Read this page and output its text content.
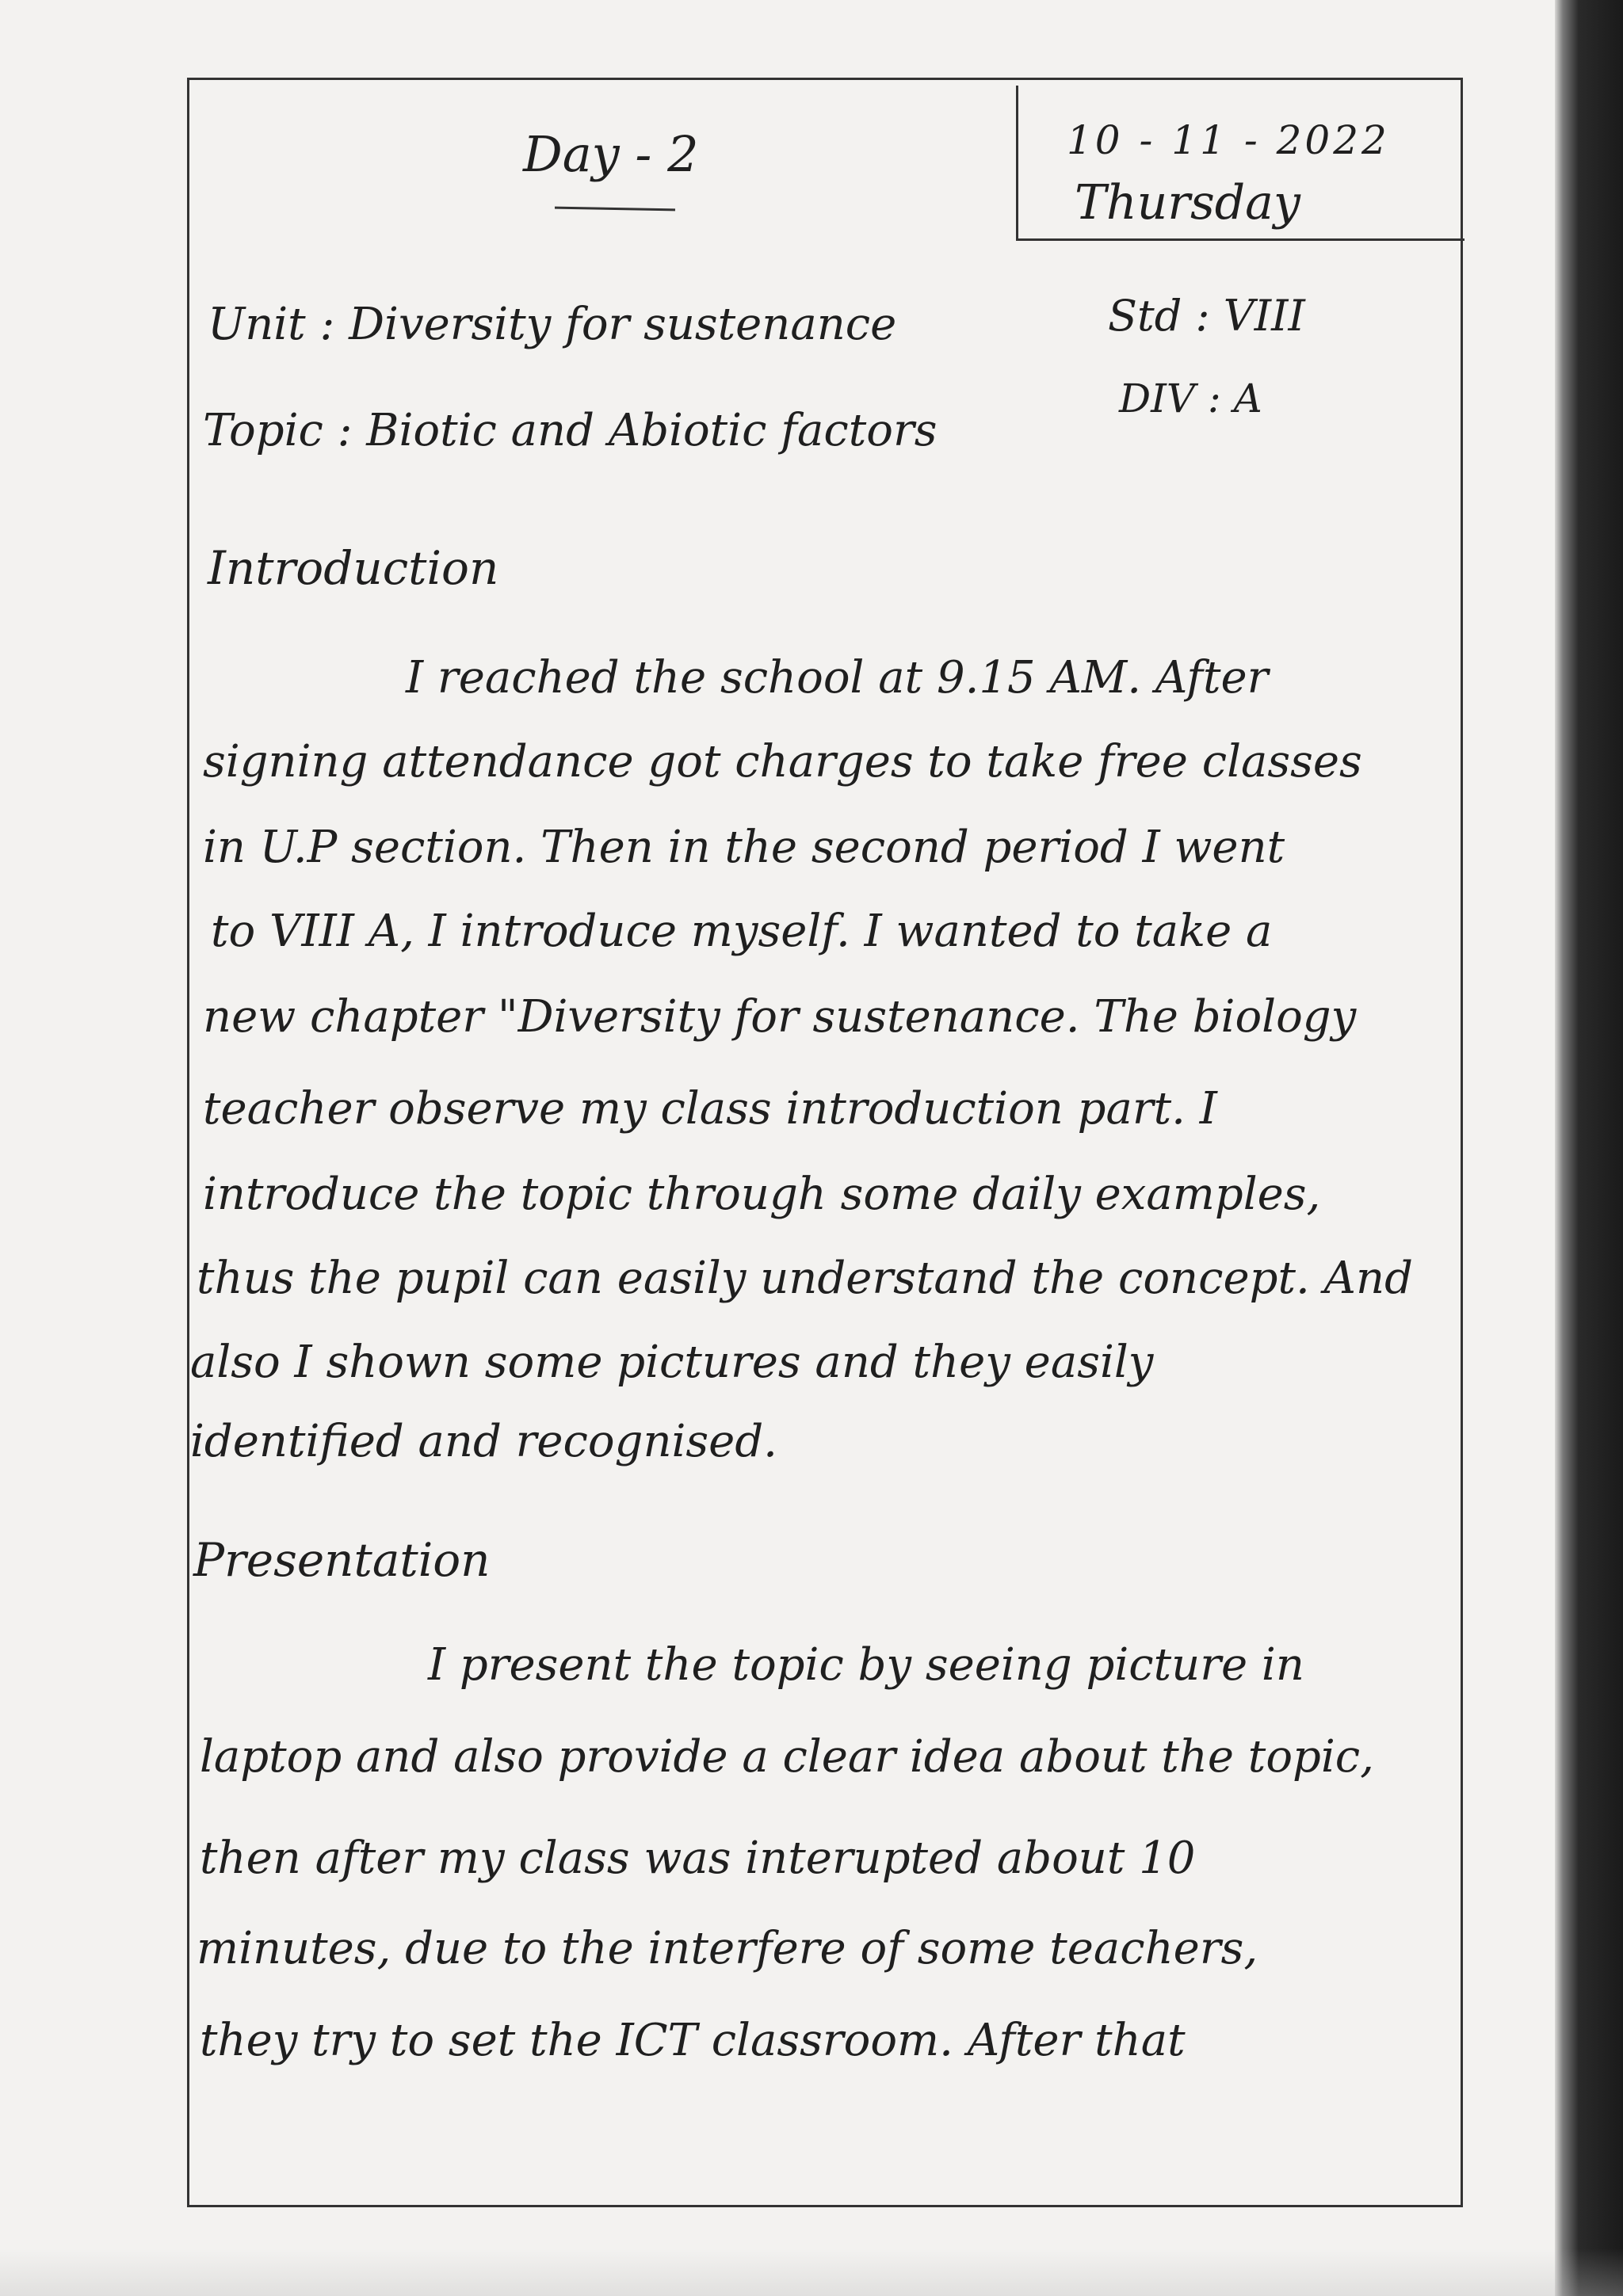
Day - 2	10 - 11 - 2022
Thursday
Unit : Diversity for sustenance
Topic : Biotic and Abiotic factors
Std : VIII
DIV : A
Introduction
I reached the school at 9.15 AM. After
signing attendance got charges to take free classes
in U.P section. Then in the second period I went
to VIII A, I introduce myself. I wanted to take a
new chapter "Diversity for sustenance. The biology
teacher observe my class introduction part. I
introduce the topic through some daily examples,
thus the pupil can easily understand the concept. And
also I shown some pictures and they easily
identified and recognised.
Presentation
I present the topic by seeing picture in
laptop and also provide a clear idea about the topic,
then after my class was interupted about 10
minutes, due to the interfere of some teachers,
they try to set the ICT classroom. After that
